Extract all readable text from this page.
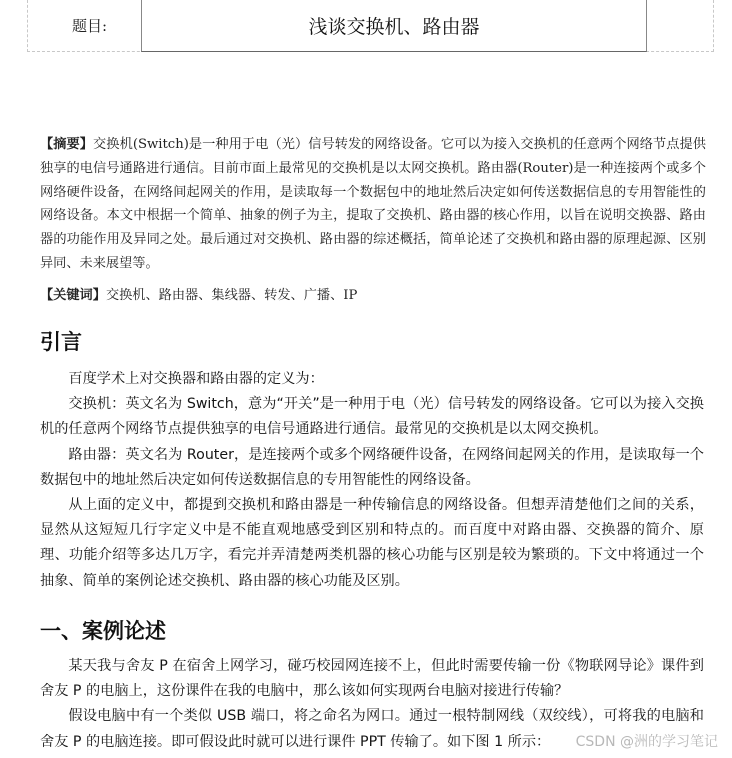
题目:	浅谈交换机、路由器
【摘要】交换机(Switch)是一种用于电（光）信号转发的网络设备。它可以为接入交换机的任意两个网络节点提供独享的电信号通路进行通信。目前市面上最常见的交换机是以太网交换机。路由器(Router)是一种连接两个或多个网络硬件设备，在网络间起网关的作用，是读取每一个数据包中的地址然后决定如何传送数据信息的专用智能性的网络设备。本文中根据一个简单、抽象的例子为主，提取了交换机、路由器的核心作用，以旨在说明交换器、路由器的功能作用及异同之处。最后通过对交换机、路由器的综述概括，简单论述了交换机和路由器的原理起源、区别异同、未来展望等。
【关键词】交换机、路由器、集线器、转发、广播、IP
引言

百度学术上对交换器和路由器的定义为：

交换机：英文名为 Switch，意为“开关”是一种用于电（光）信号转发的网络设备。它可以为接入交换机的任意两个网络节点提供独享的电信号通路进行通信。最常见的交换机是以太网交换机。

路由器：英文名为 Router，是连接两个或多个网络硬件设备，在网络间起网关的作用，是读取每一个数据包中的地址然后决定如何传送数据信息的专用智能性的网络设备。

从上面的定义中，都提到交换机和路由器是一种传输信息的网络设备。但想弄清楚他们之间的关系，显然从这短短几行字定义中是不能直观地感受到区别和特点的。而百度中对路由器、交换器的简介、原理、功能介绍等多达几万字，看完并弄清楚两类机器的核心功能与区别是较为繁琐的。下文中将通过一个抽象、简单的案例论述交换机、路由器的核心功能及区别。

一、案例论述

某天我与舍友 P 在宿舍上网学习，碰巧校园网连接不上，但此时需要传输一份《物联网导论》课件到舍友 P 的电脑上，这份课件在我的电脑中，那么该如何实现两台电脑对接进行传输？

假设电脑中有一个类似 USB 端口，将之命名为网口。通过一根特制网线（双绞线），可将我的电脑和舍友 P 的电脑连接。即可假设此时就可以进行课件 PPT 传输了。如下图 1 所示：	CSDN @洲的学习笔记
